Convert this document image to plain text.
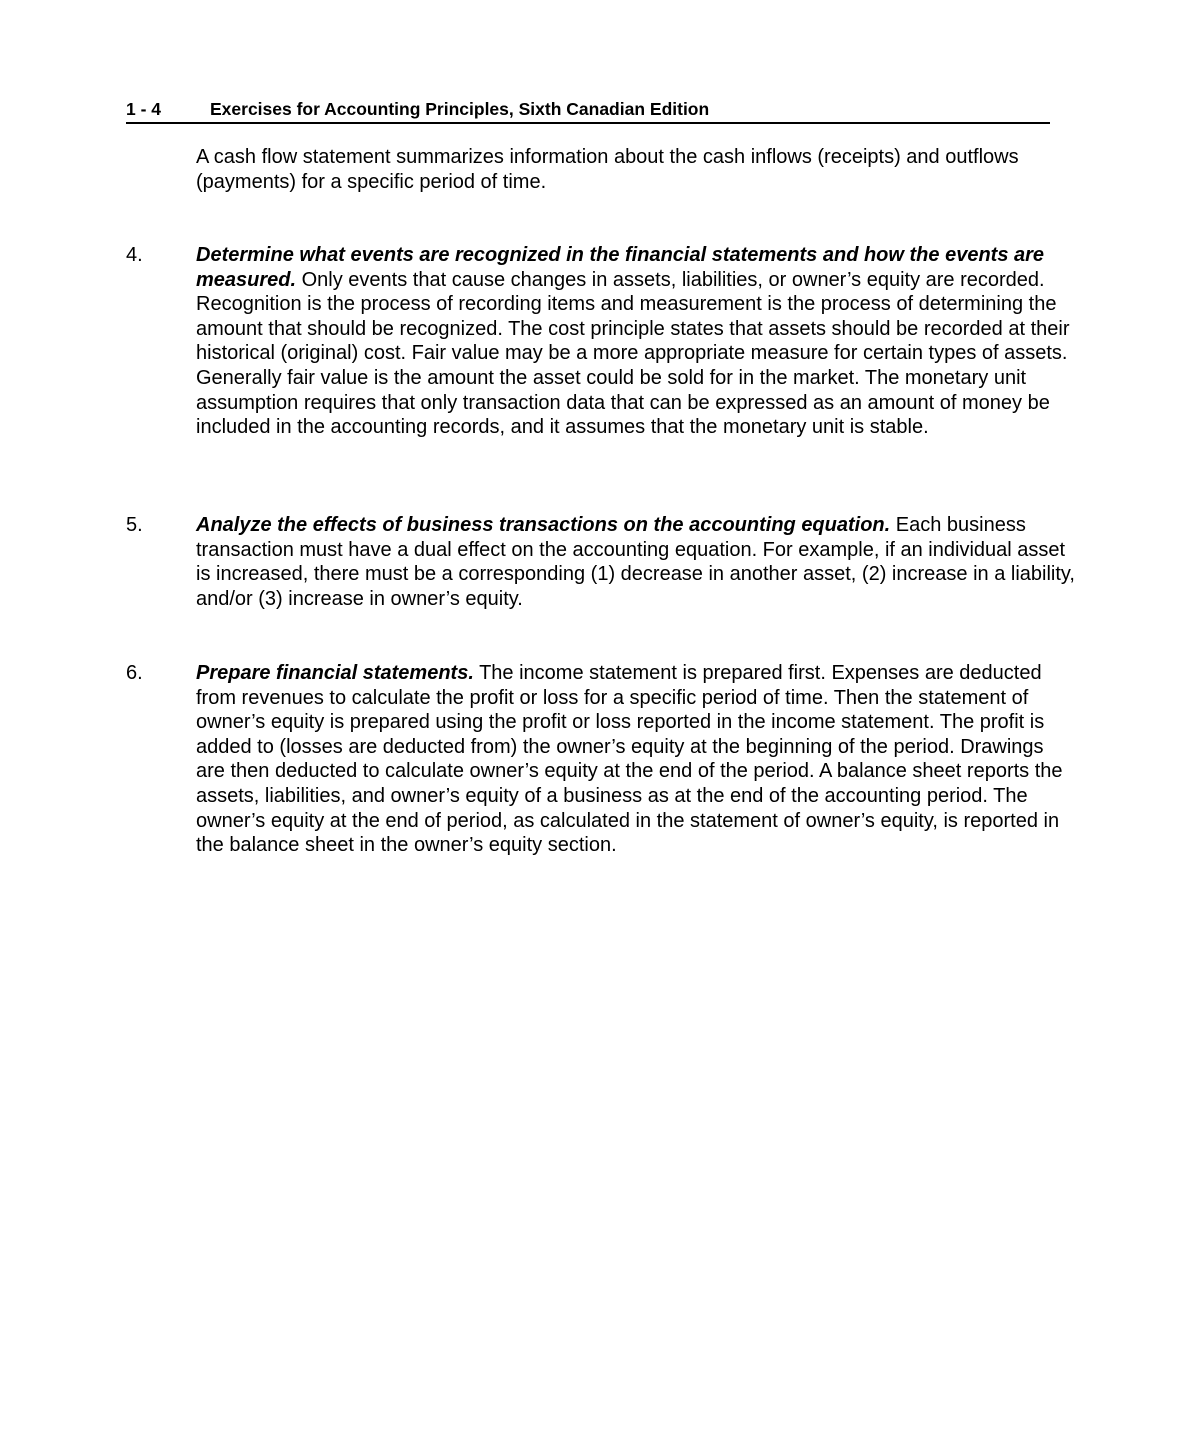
1 - 4	Exercises for Accounting Principles, Sixth Canadian Edition
A cash flow statement summarizes information about the cash inflows (receipts) and outflows (payments) for a specific period of time.
4.	Determine what events are recognized in the financial statements and how the events are measured. Only events that cause changes in assets, liabilities, or owner’s equity are recorded. Recognition is the process of recording items and measurement is the process of determining the amount that should be recognized. The cost principle states that assets should be recorded at their historical (original) cost. Fair value may be a more appropriate measure for certain types of assets. Generally fair value is the amount the asset could be sold for in the market. The monetary unit assumption requires that only transaction data that can be expressed as an amount of money be included in the accounting records, and it assumes that the monetary unit is stable.
5.	Analyze the effects of business transactions on the accounting equation. Each business transaction must have a dual effect on the accounting equation. For example, if an individual asset is increased, there must be a corresponding (1) decrease in another asset, (2) increase in a liability, and/or (3) increase in owner’s equity.
6.	Prepare financial statements. The income statement is prepared first. Expenses are deducted from revenues to calculate the profit or loss for a specific period of time. Then the statement of owner’s equity is prepared using the profit or loss reported in the income statement. The profit is added to (losses are deducted from) the owner’s equity at the beginning of the period. Drawings are then deducted to calculate owner’s equity at the end of the period. A balance sheet reports the assets, liabilities, and owner’s equity of a business as at the end of the accounting period. The owner’s equity at the end of period, as calculated in the statement of owner’s equity, is reported in the balance sheet in the owner’s equity section.
